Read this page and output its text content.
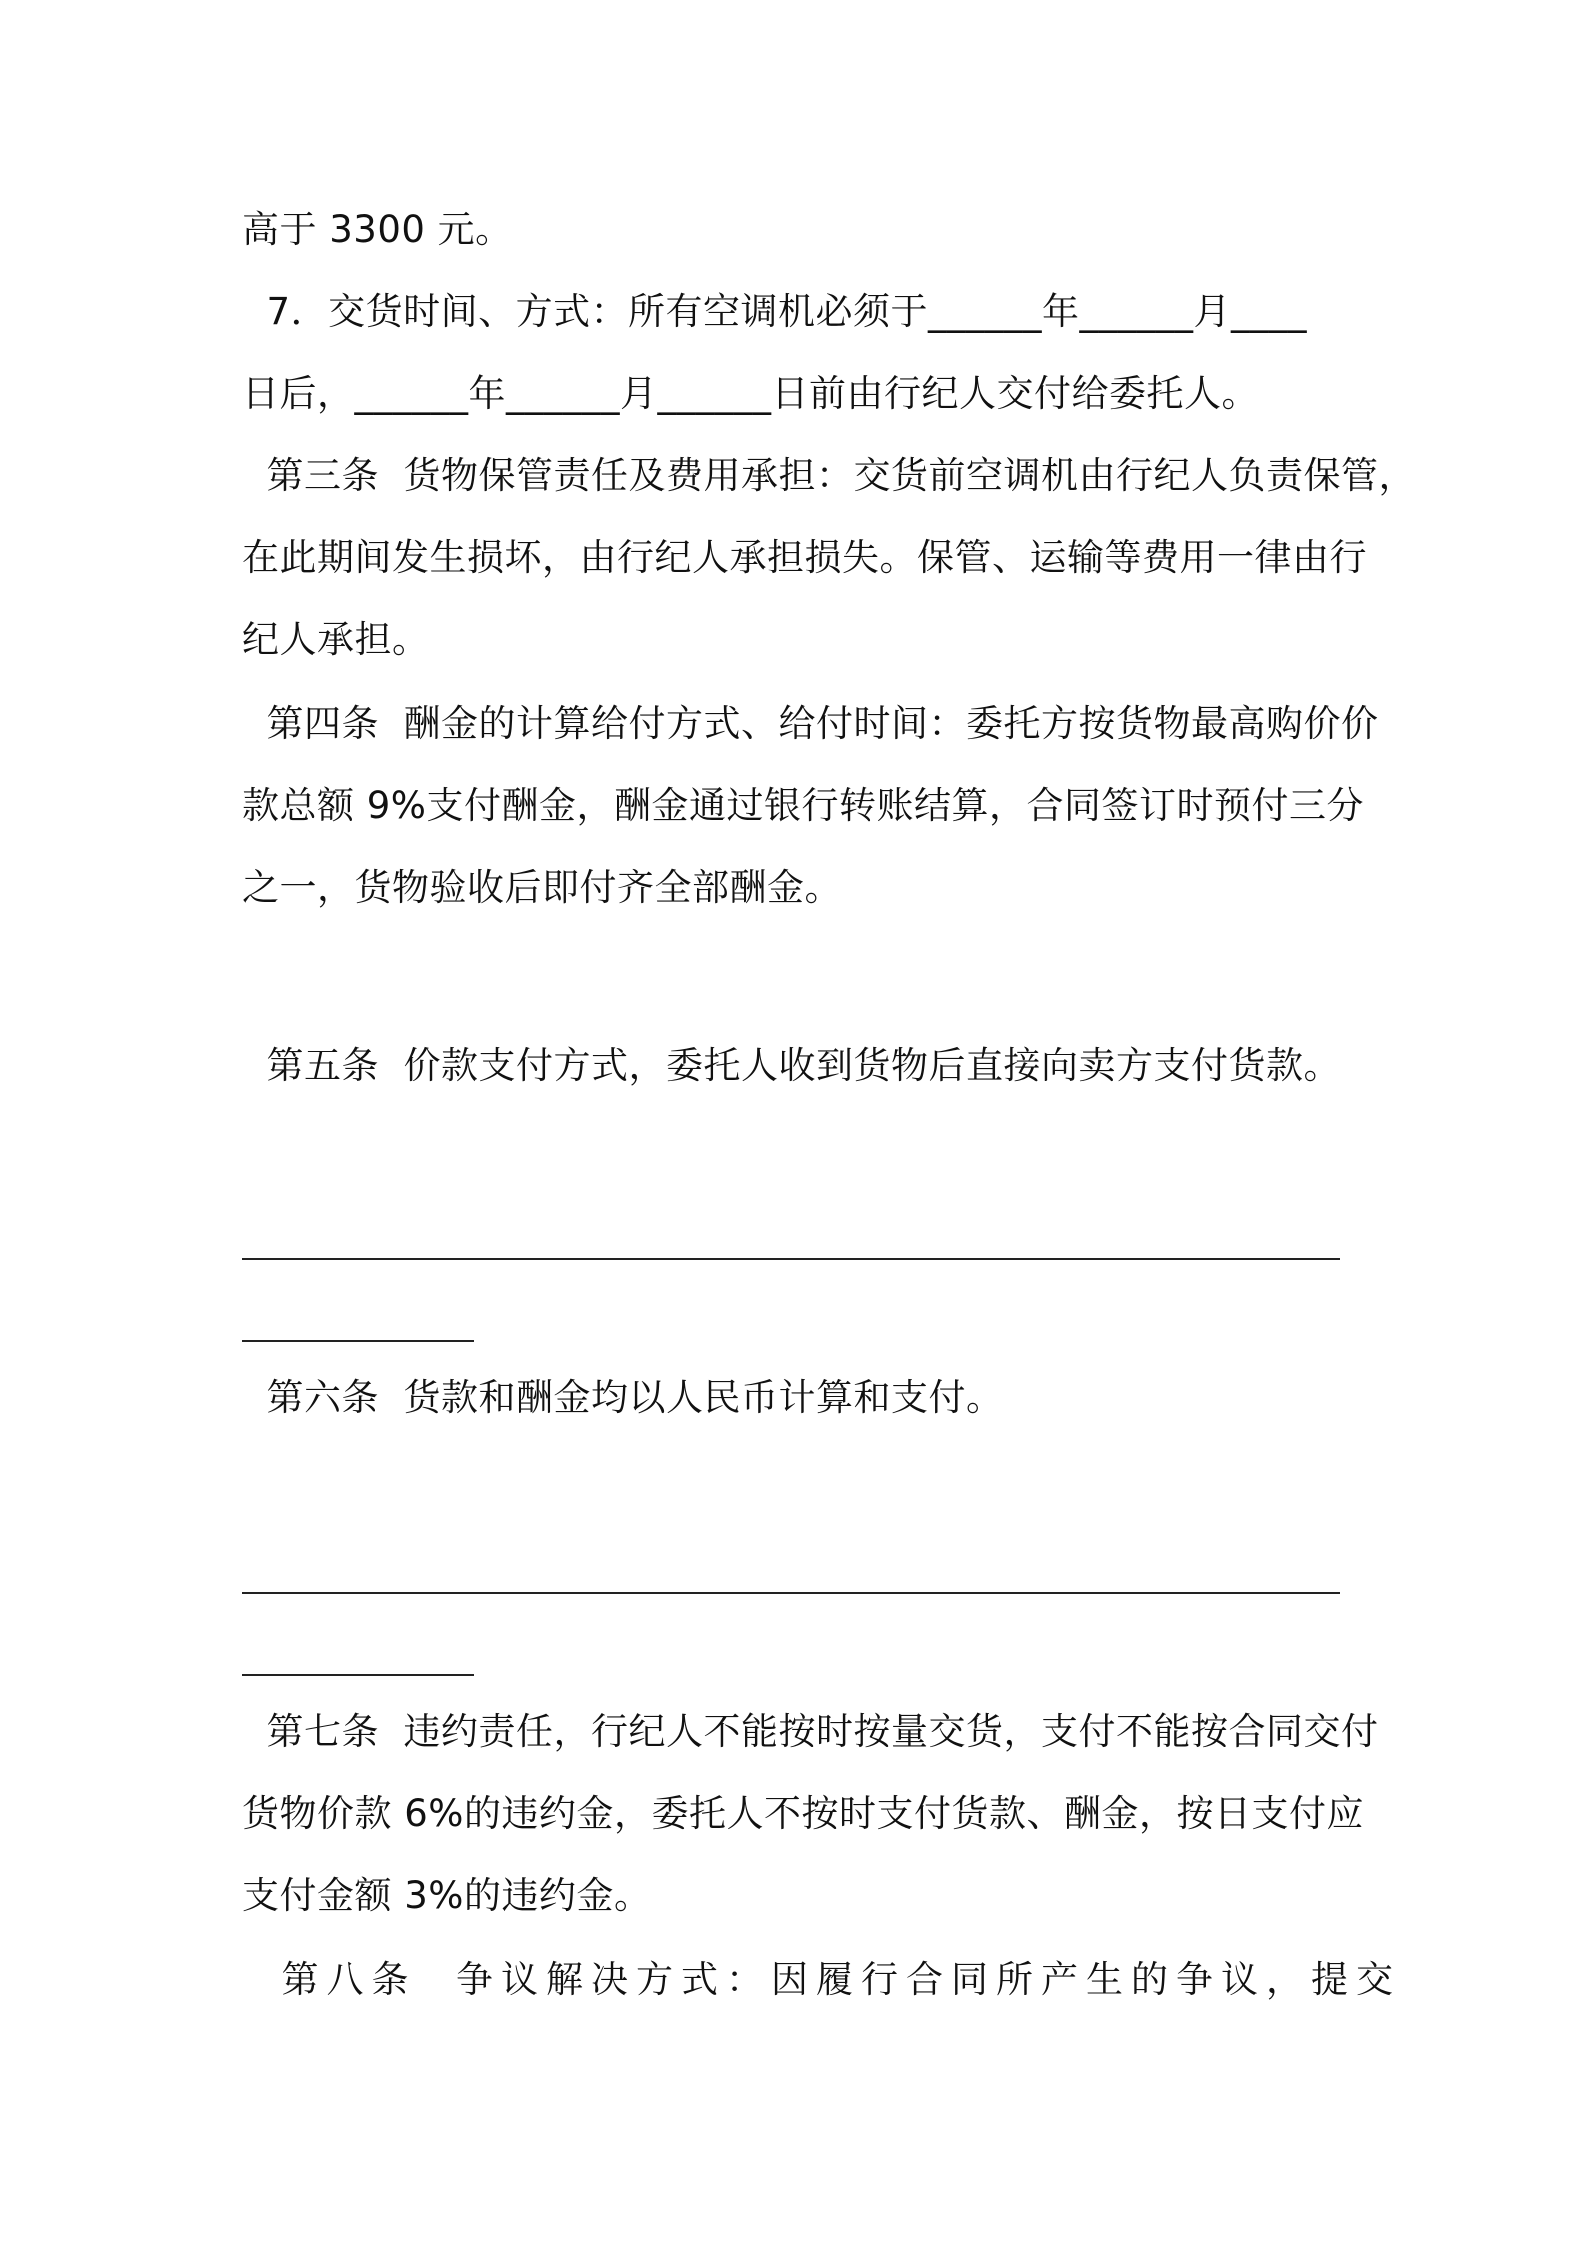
高于 3300 元。
7．交货时间、方式：所有空调机必须于______年______月____
日后，______年______月______日前由行纪人交付给委托人。
第三条  货物保管责任及费用承担：交货前空调机由行纪人负责保管，
在此期间发生损坏，由行纪人承担损失。保管、运输等费用一律由行
纪人承担。
第四条  酬金的计算给付方式、给付时间：委托方按货物最高购价价
款总额 9%支付酬金，酬金通过银行转账结算，合同签订时预付三分
之一，货物验收后即付齐全部酬金。
第五条  价款支付方式，委托人收到货物后直接向卖方支付货款。
第六条  货款和酬金均以人民币计算和支付。
第七条  违约责任，行纪人不能按时按量交货，支付不能按合同交付
货物价款 6%的违约金，委托人不按时支付货款、酬金，按日支付应
支付金额 3%的违约金。
第八条  争议解决方式：因履行合同所产生的争议，提交
